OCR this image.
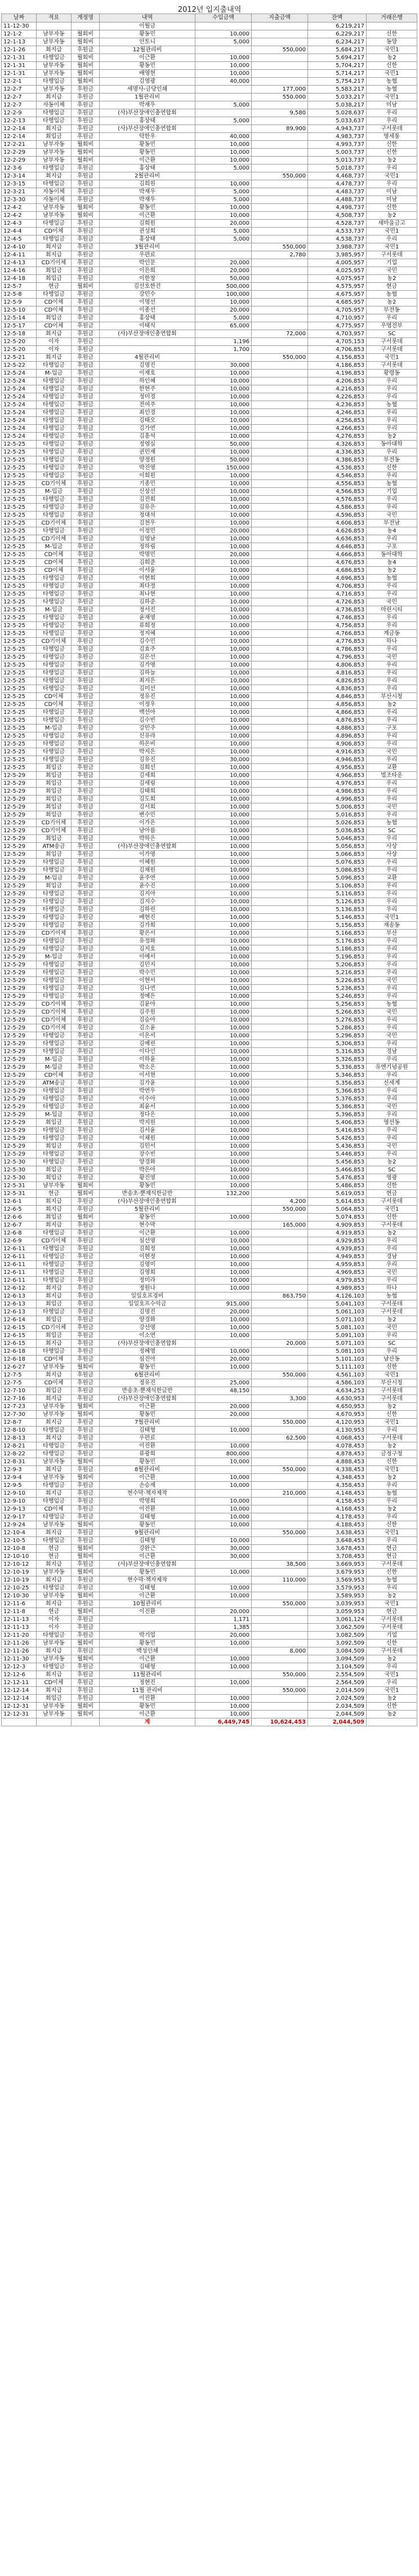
2012년 입지출내역
날짜	적요	계정명	내역	수입금액	지출금액	잔액	거래은행
11-12-30			이월금			6,219,217	
12-1-2	남부자동	월회비	황동민	10,000		6,229,217	신한
12-1-13	남부자동	월회비	안토니	5,000		6,234,217	동양
12-1-26	회지급	후원금	12월관리비		550,000	5,684,217	국민1
12-1-31	타행입금	월회비	이근환	10,000		5,694,217	농2
12-1-31	남부자동	월회비	황동민	10,000		5,704,217	신한
12-1-31	남부자동	월회비	배영현	10,000		5,714,217	국민1
12-2-1	타행입금	월회비	김영광	40,000		5,754,217	농협
12-2-7	남부자동	후원금	세명사-금당인쇄		177,000	5,583,217	농협
12-2-7	회지급	후원금	1월관리비		550,000	5,033,217	국민1
12-2-7	자동이체	후원금	박재우	5,000		5,038,217	미남
12-2-9	타행입금	후원금	(사)부산장애인총연합회		9,580	5,028,637	우리
12-2-13	타행입금	후원금	홍상태	5,000		5,033,637	우리
12-2-14	회지급	후원금	(사)부산장애인총연합회		89,900	4,943,737	구서롯데
12-2-14	회입금	후원금	탁한우	40,000		4,983,737	영세통
12-2-21	남부자동	월회비	황동민	10,000		4,993,737	신한
12-2-29	남부자동	월회비	황동민	10,000		5,003,737	신한
12-2-29	남부자동	월회비	이근환	10,000		5,013,737	농2
12-3-6	타행입금	후원금	홍상태	5,000		5,018,737	우리
12-3-14	회지급	후원금	2월관리비		550,000	4,468,737	국민1
12-3-15	타행입금	후원금	김희원	10,000		4,478,737	우리
12-3-21	자동이체	후원금	박재우	5,000		4,483,737	미남
12-3-30	자동이체	후원금	박재우	5,000		4,488,737	미남
12-4-2	남부자동	월회비	황동민	10,000		4,498,737	신한
12-4-2	남부자동	월회비	이근환	10,000		4,508,737	농2
12-4-3	타행입금	후원금	김희원	20,000		4,528,737	새마을금고
12-4-4	CD이체	후원금	권성희	5,000		4,533,737	국민1
12-4-5	타행입금	후원금	홍상태	5,000		4,538,737	우리
12-4-10	회지급	후원금	3월관리비		550,000	3,988,737	국민1
12-4-11	회지급	후원금	우편료		2,780	3,985,957	구서롯데
12-4-13	CD기이체	후원금	박인문	20,000		4,005,957	기업
12-4-16	회입금	후원금	이은희	20,000		4,025,957	국민
12-4-18	회입금	후원금	이한창	50,000		4,075,957	농2
12-5-7	현금	월회비	김선호한건	500,000		4,575,957	현금
12-5-8	타행입금	후원금	강민수	100,000		4,675,957	농협
12-5-9	CD이체	후원금	이명선	10,000		4,685,957	농2
12-5-10	CD이체	후원금	이종선	20,000		4,705,957	부전동
12-5-14	회입금	후원금	홍상태	5,000		4,710,957	우리
12-5-17	CD이체	후원금	이태식	65,000		4,775,957	우영전부
12-5-18	회지급	후원금	(사)부산장애인총연합회		72,000	4,703,957	SC
12-5-20	이자	후원금		1,196		4,705,153	구서롯데
12-5-20	이자	후원금		1,700		4,706,853	구서롯데
12-5-21	회지급	후원금	4월관리비		550,000	4,156,853	국민1
12-5-22	타행입금	후원금	김명진	30,000		4,186,853	구서롯데
12-5-24	M-입금	후원금	이재호	10,000		4,196,853	황령동
12-5-24	타행입금	후원금	하인혜	10,000		4,206,853	우리
12-5-24	타행입금	후원금	한현주	10,000		4,216,853	우리
12-5-24	타행입금	후원금	정미경	10,000		4,226,853	우리
12-5-24	타행입금	후원금	전여주	10,000		4,236,853	농협
12-5-24	타행입금	후원금	최인경	10,000		4,246,853	우리
12-5-24	타행입금	후원금	김태오	10,000		4,256,853	우리
12-5-24	타행입금	후원금	김가연	10,000		4,266,853	우리
12-5-24	타행입금	후원금	김흥석	10,000		4,276,853	농2
12-5-25	타행입금	후원금	정영실	50,000		4,326,853	동아대학
12-5-25	타행입금	후원금	권민재	10,000		4,336,853	우리
12-5-25	타행입금	후원금	양정원	50,000		4,386,853	부전동
12-5-25	타행입금	후원금	박진영	150,000		4,536,853	신한
12-5-25	타행입금	후원금	이희원	10,000		4,546,853	우리
12-5-25	CD기이체	후원금	기종민	10,000		4,556,853	농협
12-5-25	M-입금	후원금	신상선	10,000		4,566,853	기업
12-5-25	타행입금	후원금	김진희	10,000		4,576,853	우리
12-5-25	타행입금	후원금	김유은	10,000		4,586,853	우리
12-5-25	타행입금	후원금	정대석	10,000		4,596,853	국민
12-5-25	CD기이체	후원금	김천우	10,000		4,606,853	부전남
12-5-25	타행입금	후원금	이정민	20,000		4,626,853	농4
12-5-25	CD기이체	후원금	김영남	10,000		4,636,853	우리
12-5-25	M-입금	후원금	정하림	10,000		4,646,853	구포
12-5-25	CD이체	후원금	박명민	20,000		4,666,853	동아대학
12-5-25	CD이체	후원금	김희준	10,000		4,676,853	농4
12-5-25	CD이체	후원금	이서윤	10,000		4,686,853	농2
12-5-25	타행입금	후원금	이현희	10,000		4,696,853	농협
12-5-25	타행입금	후원금	최다정	10,000		4,706,853	우리
12-5-25	타행입금	후원금	최나현	10,000		4,716,853	우리
12-5-25	타행입금	후원금	김하준	10,000		4,726,853	국민
12-5-25	M-입금	후원금	정서진	10,000		4,736,853	마린시티
12-5-25	타행입금	후원금	윤재영	10,000		4,746,853	우리
12-5-25	타행입금	후원금	류희정	10,000		4,756,853	우리
12-5-25	타행입금	후원금	정지혜	10,000		4,766,853	계금동
12-5-25	CD기이체	후원금	김수민	10,000		4,776,853	하나
12-5-25	타행입금	후원금	김효주	10,000		4,786,853	우리
12-5-25	타행입금	후원금	김은선	10,000		4,796,853	국민
12-5-25	타행입금	후원금	김가영	10,000		4,806,853	우리
12-5-25	타행입금	후원금	김하늘	10,000		4,816,853	우리
12-5-25	타행입금	후원금	최지은	10,000		4,826,853	우리
12-5-25	타행입금	후원금	김미선	10,000		4,836,853	우리
12-5-25	CD이체	후원금	정유진	10,000		4,846,853	부산시청
12-5-25	CD이체	후원금	이정우	10,000		4,856,853	농2
12-5-25	타행입금	후원금	백선아	10,000		4,866,853	우리
12-5-25	타행입금	후원금	김수빈	10,000		4,876,853	우리
12-5-25	M-입금	후원금	강민주	10,000		4,886,853	구포
12-5-25	타행입금	후원금	신유라	10,000		4,896,853	우리
12-5-25	타행입금	후원금	하은비	10,000		4,906,853	우리
12-5-25	타행입금	후원금	박지은	10,000		4,916,853	국민
12-5-25	타행입금	후원금	김유진	30,000		4,946,853	우리
12-5-25	회입금	후원금	김희선	10,000		4,956,853	교환
12-5-29	회입금	후원금	김세희	10,000		4,966,853	법조타운
12-5-29	회입금	후원금	김세림	10,000		4,976,853	우리
12-5-29	회입금	후원금	김태희	10,000		4,986,853	우리
12-5-29	회입금	후원금	김도희	10,000		4,996,853	우리
12-5-29	회입금	후원금	김서희	10,000		5,006,853	국민
12-5-29	회입금	후원금	변수민	10,000		5,016,853	우리
12-5-29	CD기이체	후원금	이가은	10,000		5,026,853	농협
12-5-29	CD기이체	후원금	남아름	10,000		5,036,853	SC
12-5-29	회입금	후원금	박하은	10,000		5,046,853	우리
12-5-29	ATM송금	후원금	(사)부산장애인총연합회	10,000		5,056,853	사상
12-5-29	회입금	후원금	이가영	10,000		5,066,853	사상
12-5-29	타행입금	후원금	이혜원	10,000		5,076,853	우리
12-5-29	타행입금	후원금	김채원	10,000		5,086,853	우리
12-5-29	M-입금	후원금	윤주연	10,000		5,096,853	교환
12-5-29	회입금	후원금	윤수진	10,000		5,106,853	우리
12-5-29	타행입금	후원금	김지아	10,000		5,116,853	우리
12-5-29	타행입금	후원금	김지수	10,000		5,126,853	우리
12-5-29	타행입금	후원금	김하린	10,000		5,136,853	우리
12-5-29	타행입금	후원금	배현진	10,000		5,146,853	국민1
12-5-29	타행입금	후원금	김가희	10,000		5,156,853	재송동
12-5-29	CD기이체	후원금	황은서	10,000		5,166,853	부산
12-5-29	타행입금	후원금	유정화	10,000		5,176,853	우리
12-5-29	타행입금	후원금	김지호	10,000		5,186,853	우리
12-5-29	M-입금	후원금	이예서	10,000		5,196,853	우리
12-5-29	타행입금	후원금	김민지	10,000		5,206,853	우리
12-5-29	타행입금	후원금	박수민	10,000		5,216,853	우리
12-5-29	타행입금	후원금	이현서	10,000		5,226,853	국민
12-5-29	타행입금	후원금	김나연	10,000		5,236,853	우리
12-5-29	타행입금	후원금	정예은	10,000		5,246,853	우리
12-5-29	CD기이체	후원금	김윤아	10,000		5,256,853	농협
12-5-29	CD기이체	후원금	김주원	10,000		5,266,853	국민
12-5-29	CD기이체	후원금	김승아	10,000		5,276,853	우리
12-5-29	CD기이체	후원금	김소윤	10,000		5,286,853	우리
12-5-29	타행입금	후원금	이은서	10,000		5,296,853	국민
12-5-29	타행입금	후원금	김예린	10,000		5,306,853	우리
12-5-29	타행입금	후원금	이다인	10,000		5,316,853	경남
12-5-29	M-입금	후원금	이하윤	10,000		5,326,853	우리
12-5-29	M-입금	후원금	박소은	10,000		5,336,853	유엔기념공원
12-5-29	CD이체	후원금	이서현	10,000		5,346,853	우리
12-5-29	ATM송금	후원금	김가윤	10,000		5,356,853	신세계
12-5-29	타행입금	후원금	박연우	10,000		5,366,853	우리
12-5-29	타행입금	후원금	이수아	10,000		5,376,853	우리
12-5-29	타행입금	후원금	최윤서	10,000		5,386,853	국민
12-5-29	M-입금	후원금	정다은	10,000		5,396,853	우리
12-5-29	회입금	후원금	박지원	10,000		5,406,853	영선동
12-5-29	타행입금	후원금	김서윤	10,000		5,416,853	우리
12-5-29	타행입금	후원금	이채원	10,000		5,426,853	우리
12-5-29	회입금	후원금	김민서	10,000		5,436,853	국민
12-5-29	타행입금	후원금	장수빈	10,000		5,446,853	우리
12-5-30	타행입금	후원금	양경화	10,000		5,456,853	농2
12-5-30	회입금	후원금	박은아	10,000		5,466,853	SC
12-5-30	회입금	후원금	황진영	10,000		5,476,853	영광
12-5-31	남부자동	월회비	황동민	10,000		5,486,853	신한
12-5-31	현금	월회비	반송초·뿐재식한글반	132,200		5,619,053	현금
12-6-1	회지급	후원금	(사)부산장애인총연합회		4,200	5,614,853	구서롯데
12-6-5	회지급	후원금	5월관리비		550,000	5,064,853	국민1
12-6-6	회입금	월회비	황동민	10,000		5,074,853	신한
12-6-7	회지급	후원금	현수막		165,000	4,909,853	구서롯데
12-6-8	타행입금	후원금	이근환	10,000		4,919,853	농2
12-6-9	CD기이체	후원금	심선영	10,000		4,929,853	우리
12-6-11	타행입금	후원금	김희정	10,000		4,939,853	우리
12-6-11	타행입금	후원금	이현정	10,000		4,949,853	경남
12-6-11	타행입금	후원금	김영미	10,000		4,959,853	우리
12-6-11	타행입금	후원금	김영희	10,000		4,969,853	국민
12-6-11	타행입금	후원금	정미라	10,000		4,979,853	우리
12-6-12	회지급	후원금	정원나	10,000		4,989,853	하나
12-6-13	회지급	후원금	일일호프경비		863,750	4,126,103	농협
12-6-13	회입금	후원금	일일호프수익금	915,000		5,041,103	구서롯데
12-6-13	타행입금	후원금	김명진	20,000		5,061,103	구서롯데
12-6-14	회입금	후원금	양경화	10,000		5,071,103	농2
12-6-15	CD기이체	후원금	강선영	10,000		5,081,103	국민
12-6-15	회입금	후원금	이소연	10,000		5,091,103	우리
12-6-15	회지급	후원금	(사)부산장애인총연합회		20,000	5,071,103	SC
12-6-18	타행입금	후원금	정혜영	10,000		5,081,103	우리
12-6-18	CD이체	후원금	심진아	20,000		5,101,103	남산동
12-6-27	남부자동	월회비	황동민	10,000		5,111,103	신한
12-7-5	회지급	후원금	6월관리비		550,000	4,561,103	국민1
12-7-5	CD이체	후원금	정유진	25,000		4,586,103	부산시청
12-7-10	회입금	후원금	반송초·뿐재식한글반	48,150		4,634,253	구서롯데
12-7-16	회지급	후원금	(사)부산장애인총연합회		3,300	4,630,953	구서롯데
12-7-23	남부자동	월회비	이근환	20,000		4,650,953	농2
12-7-30	남부자동	월회비	황동민	20,000		4,670,953	신한
12-8-7	회지급	후원금	7월관리비		550,000	4,120,953	국민1
12-8-10	타행입금	후원금	김태형	10,000		4,130,953	우리
12-8-13	회지급	후원금	우편료		62,500	4,068,453	구서롯데
12-8-21	타행입금	후원금	이진환	10,000		4,078,453	농2
12-8-22	타행입금	후원금	류광희	800,000		4,878,453	금정구청
12-8-31	남부자동	월회비	황동민	10,000		4,888,453	신한
12-9-3	회지급	후원금	8월관리비		550,000	4,338,453	국민1
12-9-4	남부자동	월회비	이근환	10,000		4,348,453	농2
12-9-5	타행입금	후원금	손승재	10,000		4,358,453	우리
12-9-10	회지급	후원금	현수막·책자제작		210,000	4,148,453	농협
12-9-10	타행입금	후원금	박명희	10,000		4,158,453	우리
12-9-13	CD이체	후원금	이진환	10,000		4,168,453	농2
12-9-17	타행입금	후원금	김태형	10,000		4,178,453	우리
12-9-24	남부자동	월회비	황동민	10,000		4,188,453	신한
12-10-4	회지급	후원금	9월관리비		550,000	3,638,453	국민1
12-10-5	타행입금	후원금	김태형	10,000		3,648,453	우리
12-10-8	현금	월회비	강완근	30,000		3,678,453	현금
12-10-10	현금	월회비	이근환	30,000		3,708,453	현금
12-10-12	회지급	후원금	(사)부산장애인총연합회		38,500	3,669,953	구서롯데
12-10-19	남부자동	월회비	황동민	10,000		3,679,953	신한
12-10-19	회지급	후원금	현수막·책자제작		110,000	3,569,953	농협
12-10-25	타행입금	후원금	김태형	10,000		3,579,953	우리
12-10-30	남부자동	월회비	이근환	10,000		3,589,953	농2
12-11-6	회지급	후원금	10월관리비		550,000	3,039,953	국민1
12-11-8	현금	월회비	이진환	20,000		3,059,953	현금
12-11-13	이자	후원금		1,171		3,061,124	구서롯데
12-11-13	이자	후원금		1,385		3,062,509	구서롯데
12-11-20	타행입금	후원금	박기업	20,000		3,082,509	기업
12-11-26	남부자동	월회비	황동민	10,000		3,092,509	신한
12-11-26	회지급	후원금	백성인쇄		8,000	3,084,509	구서롯데
12-11-30	남부자동	월회비	이근환	10,000		3,094,509	농2
12-12-3	타행입금	후원금	김태형	10,000		3,104,509	우리
12-12-6	회지급	후원금	11월관리비		550,000	2,554,509	국민1
12-12-11	CD이체	후원금	정현진	10,000		2,564,509	우리
12-12-14	회지급	후원금	11월 관리비		550,000	2,014,509	국민1
12-12-14	회입금	후원금	이진환	10,000		2,024,509	농2
12-12-31	남부자동	월회비	황동민	10,000		2,034,509	신한
12-12-31	남부자동	월회비	이근환	10,000		2,044,509	농2
			계	6,449,745	10,624,453	2,044,509	
